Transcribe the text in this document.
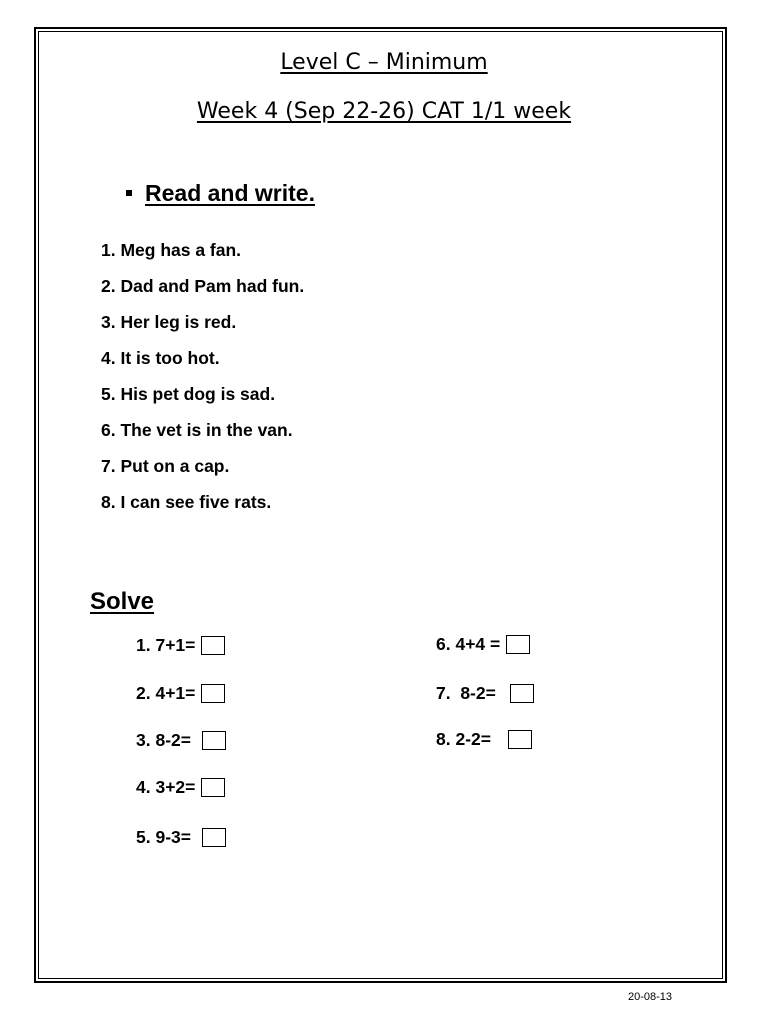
Level C – Minimum
Week 4 (Sep 22-26) CAT 1/1 week
Read and write.
1. Meg has a fan.
2. Dad and Pam had fun.
3. Her leg is red.
4. It is too hot.
5. His pet dog is sad.
6. The vet is in the van.
7. Put on a cap.
8. I can see five rats.
Solve
1. 7+1=
2. 4+1=
3. 8-2=
4. 3+2=
5. 9-3=
6. 4+4 =
7.  8-2=
8. 2-2=
20-08-13
